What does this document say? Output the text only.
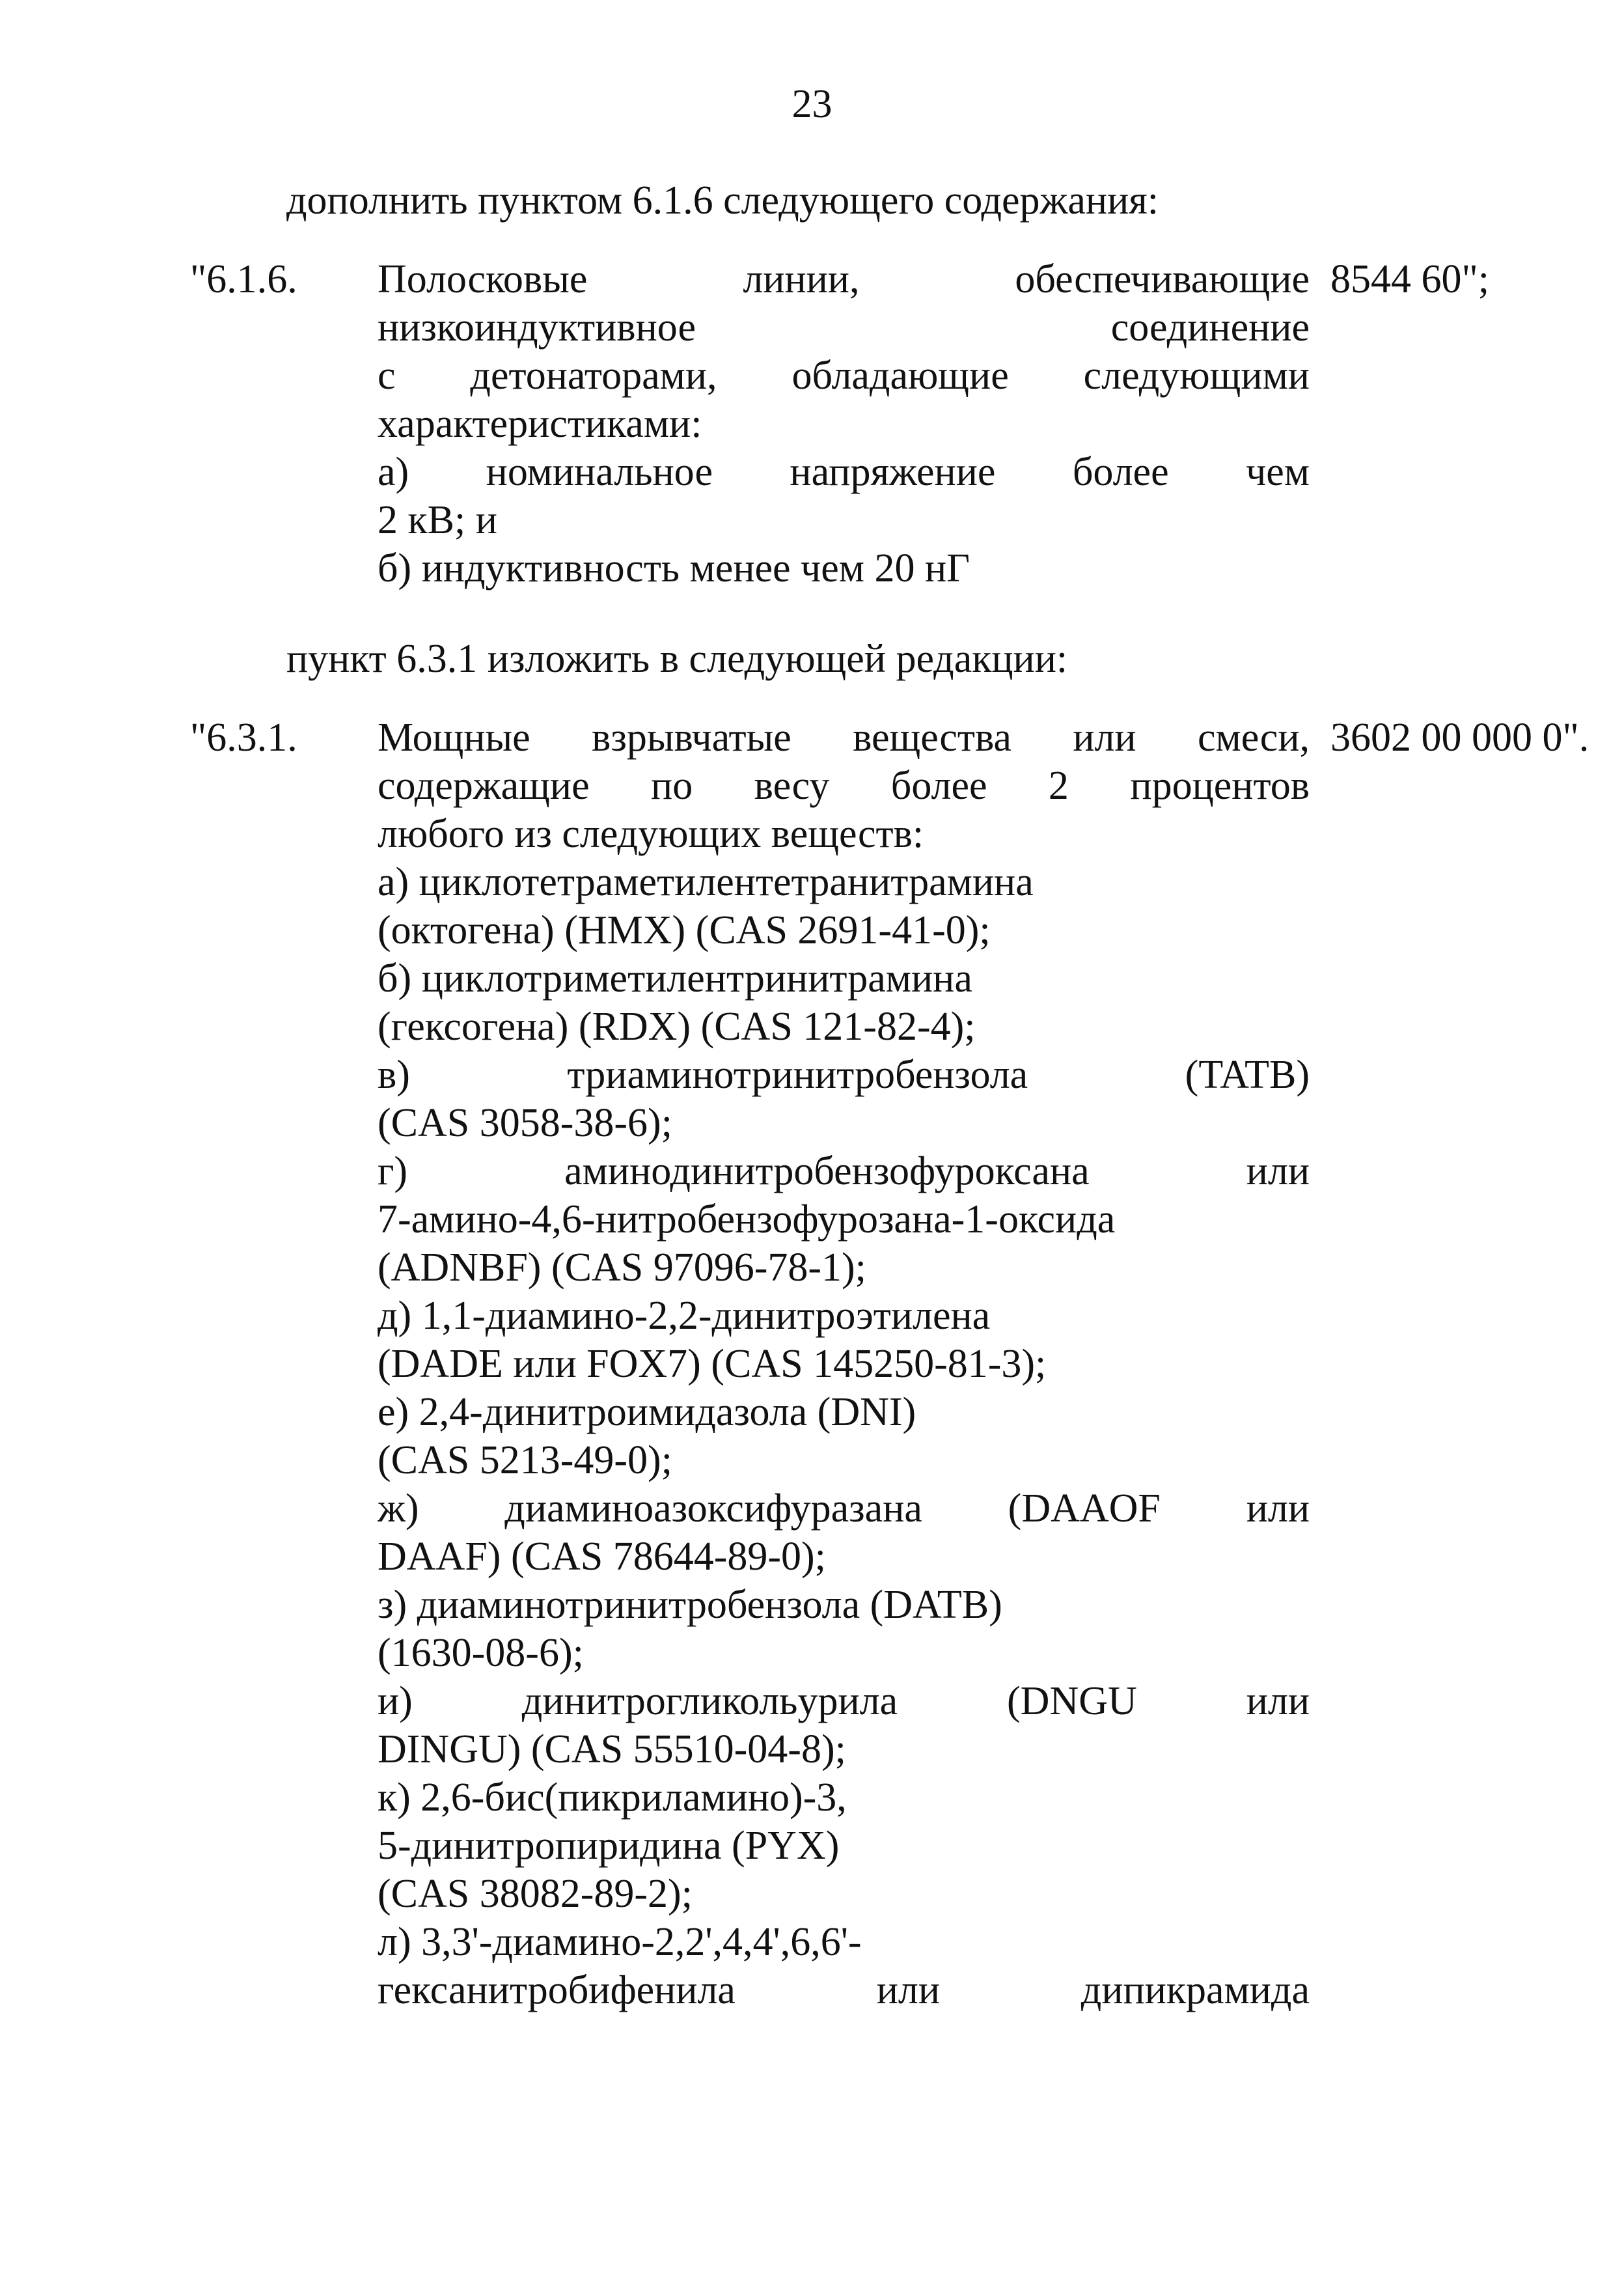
23
дополнить пунктом 6.1.6 следующего содержания:
"6.1.6. Полосковые линии, обеспечивающие
низкоиндуктивное соединение
с детонаторами, обладающие следующими
характеристиками:
а) номинальное напряжение более чем
2 кВ; и
б) индуктивность менее чем 20 нГ
8544 60";
пункт 6.3.1 изложить в следующей редакции:
"6.3.1. Мощные взрывчатые вещества или смеси,
содержащие по весу более 2 процентов
любого из следующих веществ:
а) циклотетраметилентетранитрамина
(октогена) (HMX) (CAS 2691-41-0);
б) циклотриметилентринитрамина
(гексогена) (RDX) (CAS 121-82-4);
в) триаминотринитробензола (TATB)
(CAS 3058-38-6);
г) аминодинитробензофуроксана или
7-амино-4,6-нитробензофурозана-1-оксида
(ADNBF) (CAS 97096-78-1);
д) 1,1-диамино-2,2-динитроэтилена
(DADE или FOX7) (CAS 145250-81-3);
е) 2,4-динитроимидазола (DNI)
(CAS 5213-49-0);
ж) диаминоазоксифуразана (DAAOF или
DAAF) (CAS 78644-89-0);
з) диаминотринитробензола (DATB)
(1630-08-6);
и) динитрогликольурила (DNGU или
DINGU) (CAS 55510-04-8);
к) 2,6-бис(пикриламино)-3,
5-динитропиридина (PYX)
(CAS 38082-89-2);
л) 3,3'-диамино-2,2',4,4',6,6'-
гексанитробифенила или дипикрамида
3602 00 000 0".
